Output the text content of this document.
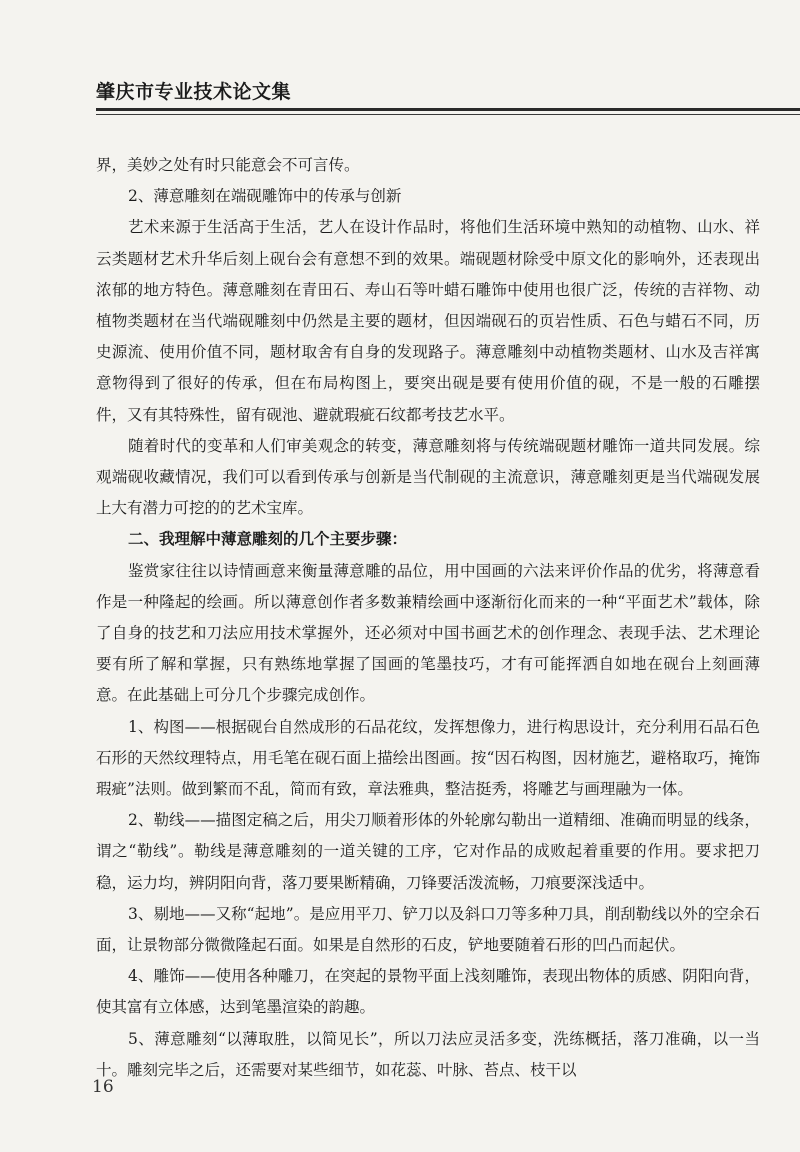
肇庆市专业技术论文集

界，美妙之处有时只能意会不可言传。

2、薄意雕刻在端砚雕饰中的传承与创新

艺术来源于生活高于生活，艺人在设计作品时，将他们生活环境中熟知的动植物、山水、祥云类题材艺术升华后刻上砚台会有意想不到的效果。端砚题材除受中原文化的影响外，还表现出浓郁的地方特色。薄意雕刻在青田石、寿山石等叶蜡石雕饰中使用也很广泛，传统的吉祥物、动植物类题材在当代端砚雕刻中仍然是主要的题材，但因端砚石的页岩性质、石色与蜡石不同，历史源流、使用价值不同，题材取舍有自身的发现路子。薄意雕刻中动植物类题材、山水及吉祥寓意物得到了很好的传承，但在布局构图上，要突出砚是要有使用价值的砚，不是一般的石雕摆件，又有其特殊性，留有砚池、避就瑕疵石纹都考技艺水平。

随着时代的变革和人们审美观念的转变，薄意雕刻将与传统端砚题材雕饰一道共同发展。综观端砚收藏情况，我们可以看到传承与创新是当代制砚的主流意识，薄意雕刻更是当代端砚发展上大有潜力可挖的的艺术宝库。

二、我理解中薄意雕刻的几个主要步骤：

鉴赏家往往以诗情画意来衡量薄意雕的品位，用中国画的六法来评价作品的优劣，将薄意看作是一种隆起的绘画。所以薄意创作者多数兼精绘画中逐渐衍化而来的一种“平面艺术”载体，除了自身的技艺和刀法应用技术掌握外，还必须对中国书画艺术的创作理念、表现手法、艺术理论要有所了解和掌握，只有熟练地掌握了国画的笔墨技巧，才有可能挥洒自如地在砚台上刻画薄意。在此基础上可分几个步骤完成创作。

1、构图——根据砚台自然成形的石品花纹，发挥想像力，进行构思设计，充分利用石品石色石形的天然纹理特点，用毛笔在砚石面上描绘出图画。按“因石构图，因材施艺，避格取巧，掩饰瑕疵”法则。做到繁而不乱，简而有致，章法雅典，整洁挺秀，将雕艺与画理融为一体。

2、勒线——描图定稿之后，用尖刀顺着形体的外轮廓勾勒出一道精细、准确而明显的线条，谓之“勒线”。勒线是薄意雕刻的一道关键的工序，它对作品的成败起着重要的作用。要求把刀稳，运力均，辨阴阳向背，落刀要果断精确，刀锋要活泼流畅，刀痕要深浅适中。

3、剔地——又称“起地”。是应用平刀、铲刀以及斜口刀等多种刀具，削刮勒线以外的空余石面，让景物部分微微隆起石面。如果是自然形的石皮，铲地要随着石形的凹凸而起伏。

4、雕饰——使用各种雕刀，在突起的景物平面上浅刻雕饰，表现出物体的质感、阴阳向背，使其富有立体感，达到笔墨渲染的韵趣。

5、薄意雕刻“以薄取胜，以简见长”，所以刀法应灵活多变，洗练概括，落刀准确，以一当十。雕刻完毕之后，还需要对某些细节，如花蕊、叶脉、苔点、枝干以

16
